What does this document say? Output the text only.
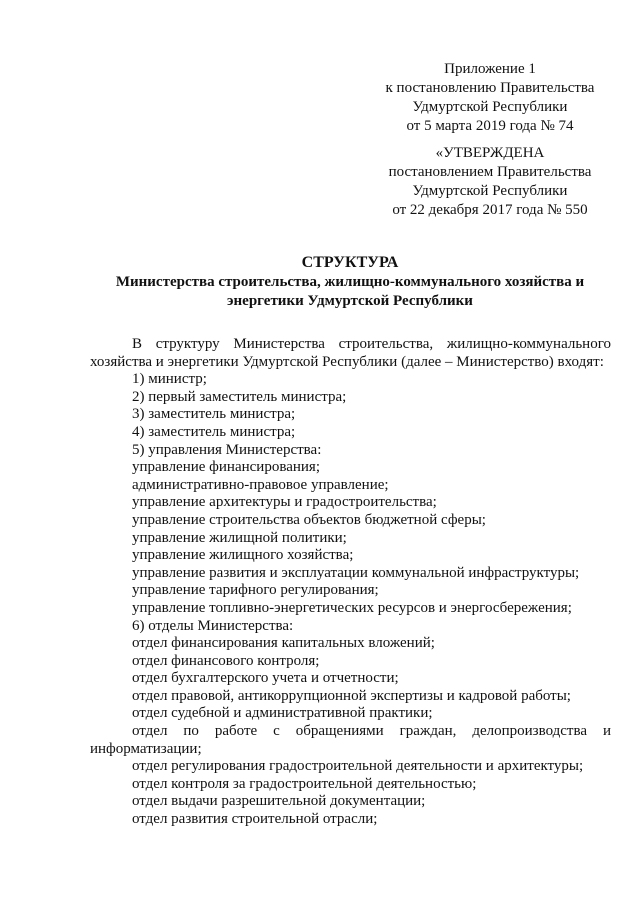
Приложение 1
к постановлению Правительства
Удмуртской Республики
от 5 марта 2019 года № 74
«УТВЕРЖДЕНА
постановлением Правительства
Удмуртской Республики
от 22 декабря 2017 года № 550
СТРУКТУРА
Министерства строительства, жилищно-коммунального хозяйства и
энергетики Удмуртской Республики

В структуру Министерства строительства, жилищно-коммунального хозяйства и энергетики Удмуртской Республики (далее – Министерство) входят:

1) министр;

2) первый заместитель министра;

3) заместитель министра;

4) заместитель министра;

5) управления Министерства:

управление финансирования;

административно-правовое управление;

управление архитектуры и градостроительства;

управление строительства объектов бюджетной сферы;

управление жилищной политики;

управление жилищного хозяйства;

управление развития и эксплуатации коммунальной инфраструктуры;

управление тарифного регулирования;

управление топливно-энергетических ресурсов и энергосбережения;

6) отделы Министерства:

отдел финансирования капитальных вложений;

отдел финансового контроля;

отдел бухгалтерского учета и отчетности;

отдел правовой, антикоррупционной экспертизы и кадровой работы;

отдел судебной и административной практики;

отдел по работе с обращениями граждан, делопроизводства и информатизации;

отдел регулирования градостроительной деятельности и архитектуры;

отдел контроля за градостроительной деятельностью;

отдел выдачи разрешительной документации;

отдел развития строительной отрасли;
